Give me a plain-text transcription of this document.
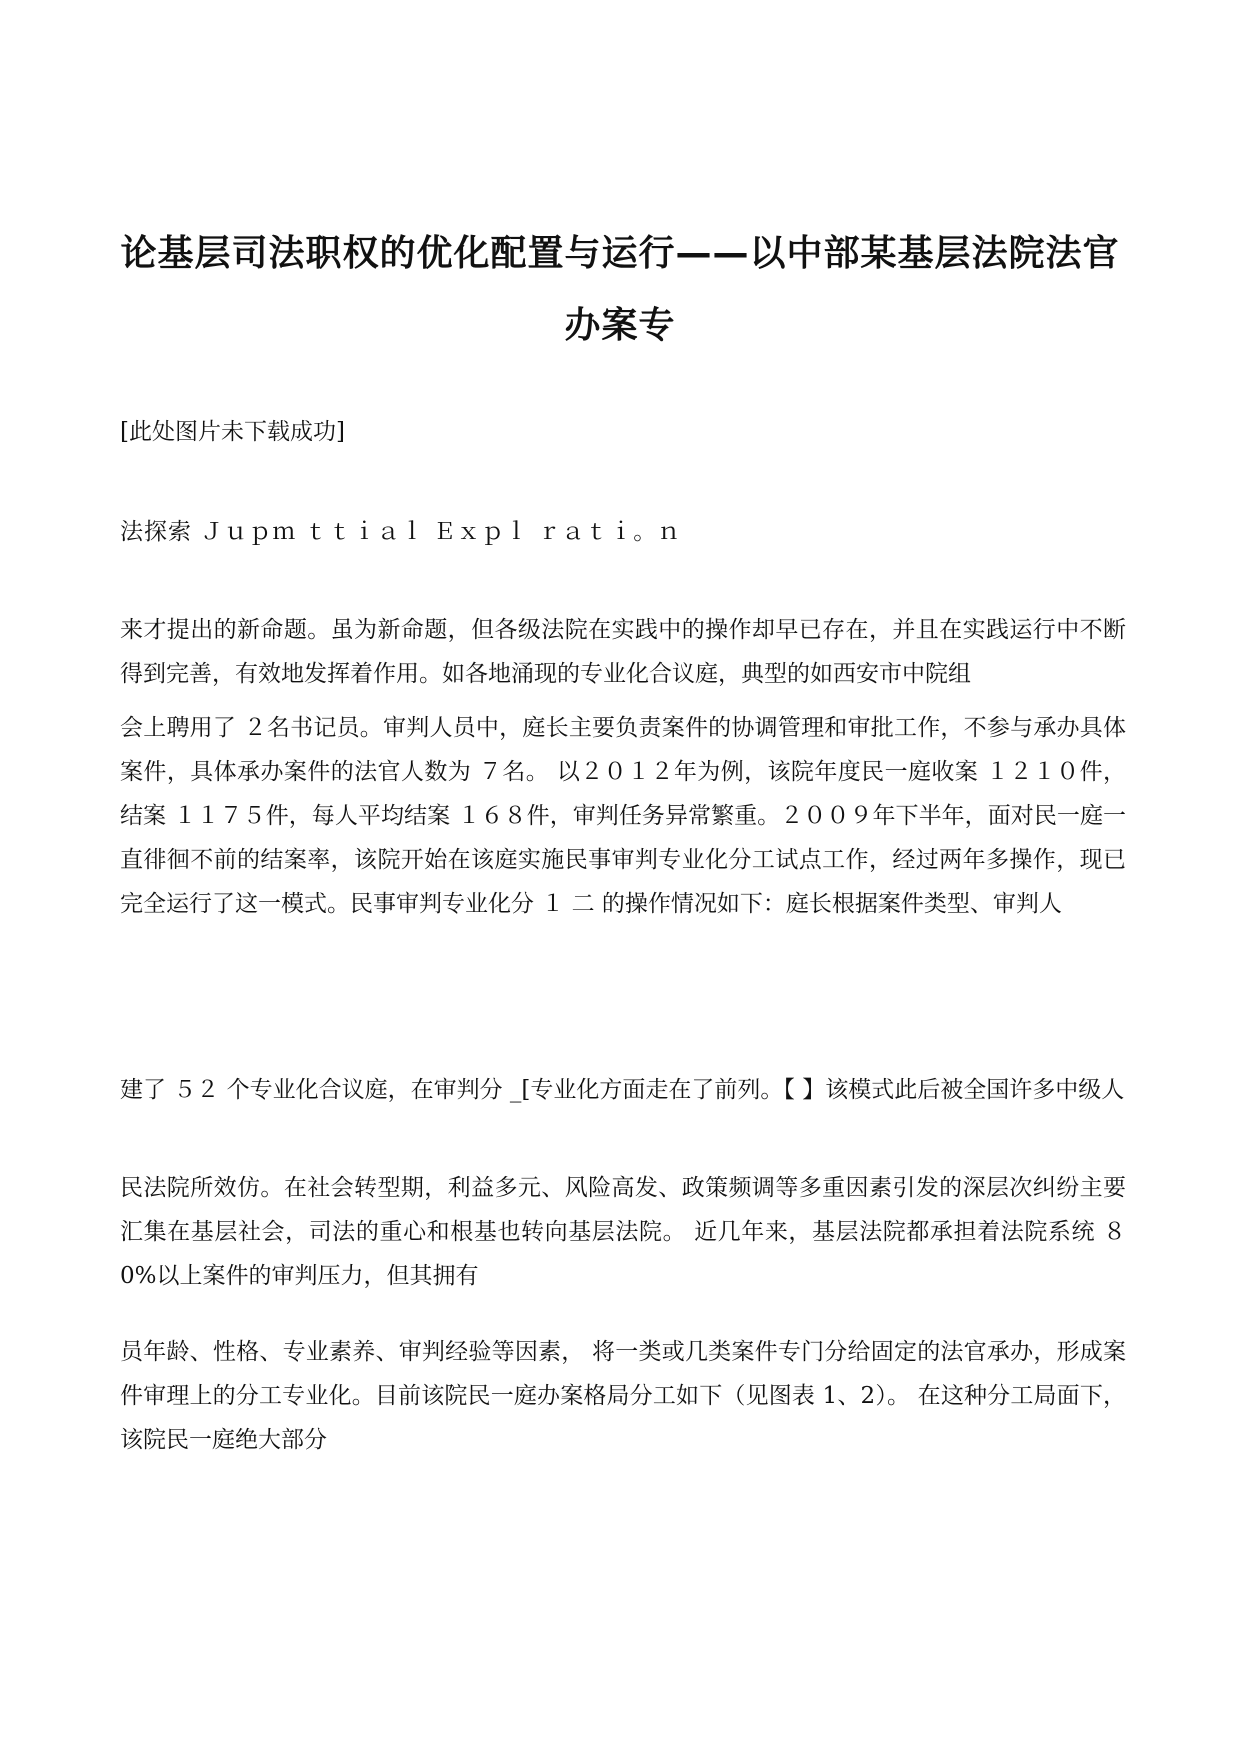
论基层司法职权的优化配置与运行——以中部某基层法院法官办案专

[此处图片未下载成功]

法探索 Ｊｕｐｍ ｔｔｉａｌ Ｅｘｐｌ ｒａｔｉ。ｎ

来才提出的新命题。虽为新命题，但各级法院在实践中的操作却早已存在，并且在实践运行中不断得到完善，有效地发挥着作用。如各地涌现的专业化合议庭，典型的如西安市中院组

会上聘用了 ２名书记员。审判人员中，庭长主要负责案件的协调管理和审批工作，不参与承办具体案件，具体承办案件的法官人数为 ７名。 以２０１２年为例，该院年度民一庭收案 １２１０件， 结案 １１７５件，每人平均结案 １６８件，审判任务异常繁重。２００９年下半年，面对民一庭一直徘徊不前的结案率，该院开始在该庭实施民事审判专业化分工试点工作，经过两年多操作，现已完全运行了这一模式。民事审判专业化分 １ 二 的操作情况如下：庭长根据案件类型、审判人

建了 ５２ 个专业化合议庭，在审判分 _[专业化方面走在了前列。【 】该模式此后被全国许多中级人

民法院所效仿。在社会转型期，利益多元、风险高发、政策频调等多重因素引发的深层次纠纷主要汇集在基层社会，司法的重心和根基也转向基层法院。 近几年来，基层法院都承担着法院系统 ８ 0%以上案件的审判压力，但其拥有

员年龄、性格、专业素养、审判经验等因素， 将一类或几类案件专门分给固定的法官承办，形成案件审理上的分工专业化。目前该院民一庭办案格局分工如下（见图表 1、2）。 在这种分工局面下，该院民一庭绝大部分
